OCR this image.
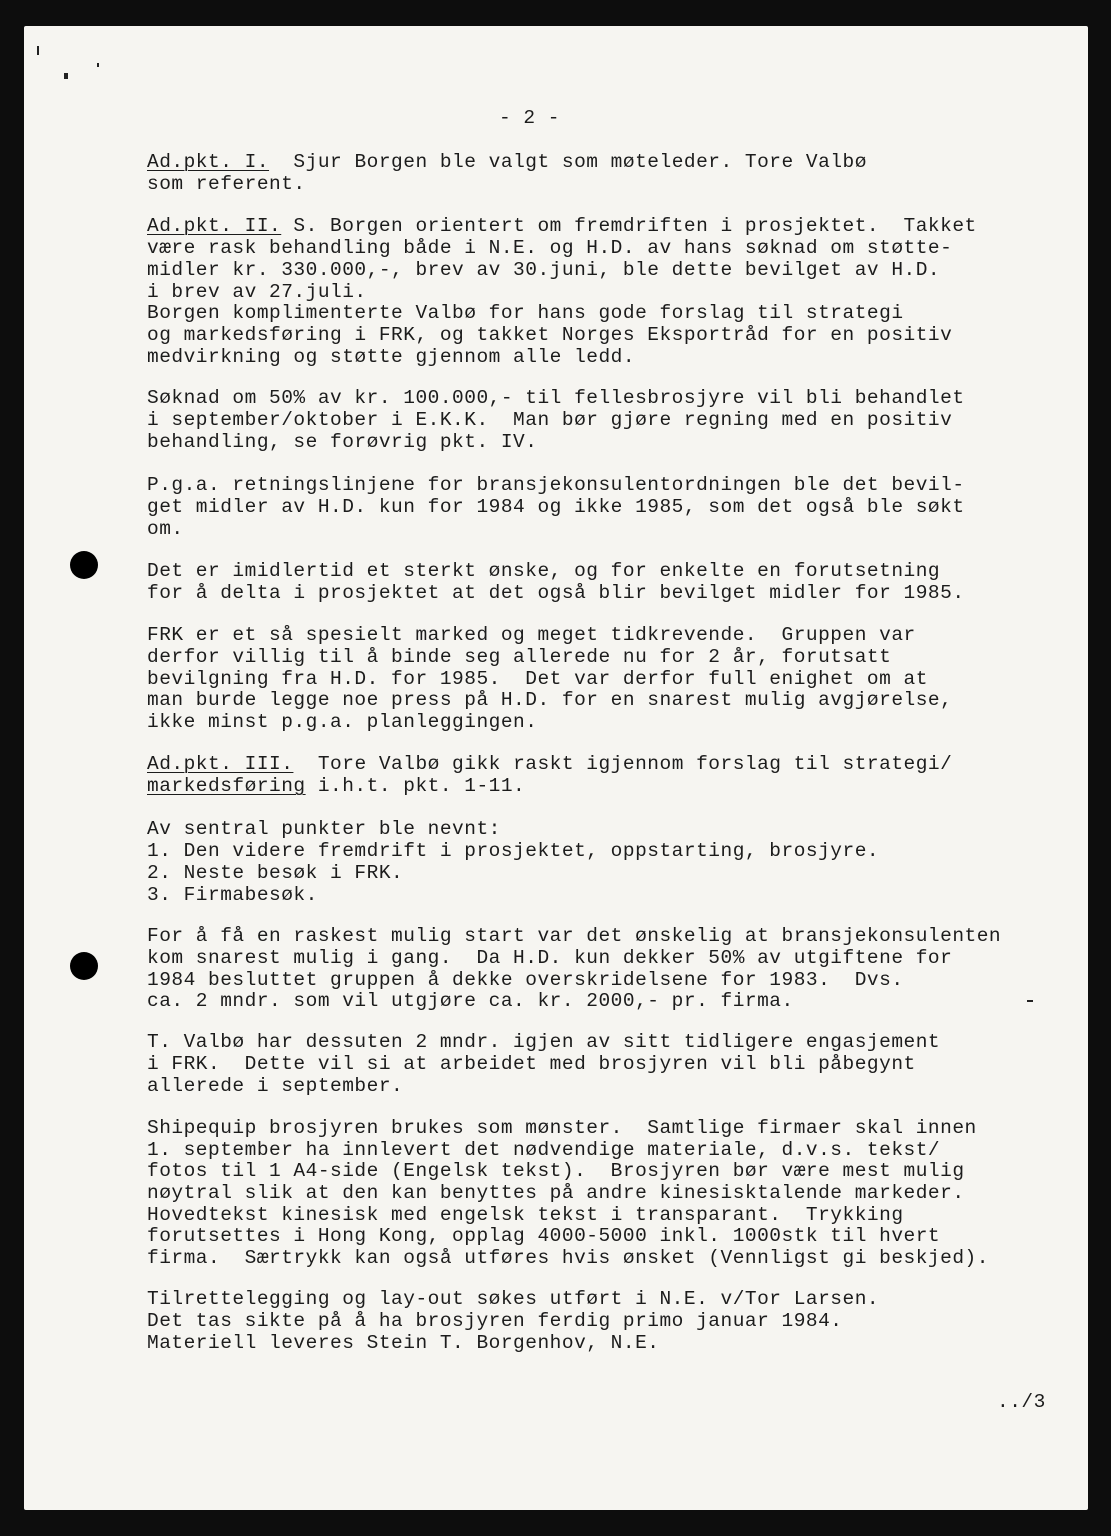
- 2 -
Ad.pkt. I.  Sjur Borgen ble valgt som møteleder. Tore Valbø
som referent.
Ad.pkt. II. S. Borgen orientert om fremdriften i prosjektet.  Takket
være rask behandling både i N.E. og H.D. av hans søknad om støtte-
midler kr. 330.000,-, brev av 30.juni, ble dette bevilget av H.D.
i brev av 27.juli.
Borgen komplimenterte Valbø for hans gode forslag til strategi
og markedsføring i FRK, og takket Norges Eksportråd for en positiv
medvirkning og støtte gjennom alle ledd.
Søknad om 50% av kr. 100.000,- til fellesbrosjyre vil bli behandlet
i september/oktober i E.K.K.  Man bør gjøre regning med en positiv
behandling, se forøvrig pkt. IV.
P.g.a. retningslinjene for bransjekonsulentordningen ble det bevil-
get midler av H.D. kun for 1984 og ikke 1985, som det også ble søkt
om.
Det er imidlertid et sterkt ønske, og for enkelte en forutsetning
for å delta i prosjektet at det også blir bevilget midler for 1985.
FRK er et så spesielt marked og meget tidkrevende.  Gruppen var
derfor villig til å binde seg allerede nu for 2 år, forutsatt
bevilgning fra H.D. for 1985.  Det var derfor full enighet om at
man burde legge noe press på H.D. for en snarest mulig avgjørelse,
ikke minst p.g.a. planleggingen.
Ad.pkt. III.  Tore Valbø gikk raskt igjennom forslag til strategi/
markedsføring i.h.t. pkt. 1-11.
Av sentral punkter ble nevnt:
1. Den videre fremdrift i prosjektet, oppstarting, brosjyre.
2. Neste besøk i FRK.
3. Firmabesøk.
For å få en raskest mulig start var det ønskelig at bransjekonsulenten
kom snarest mulig i gang.  Da H.D. kun dekker 50% av utgiftene for
1984 besluttet gruppen å dekke overskridelsene for 1983.  Dvs.
ca. 2 mndr. som vil utgjøre ca. kr. 2000,- pr. firma.
T. Valbø har dessuten 2 mndr. igjen av sitt tidligere engasjement
i FRK.  Dette vil si at arbeidet med brosjyren vil bli påbegynt
allerede i september.
Shipequip brosjyren brukes som mønster.  Samtlige firmaer skal innen
1. september ha innlevert det nødvendige materiale, d.v.s. tekst/
fotos til 1 A4-side (Engelsk tekst).  Brosjyren bør være mest mulig
nøytral slik at den kan benyttes på andre kinesisktalende markeder.
Hovedtekst kinesisk med engelsk tekst i transparant.  Trykking
forutsettes i Hong Kong, opplag 4000-5000 inkl. 1000stk til hvert
firma.  Særtrykk kan også utføres hvis ønsket (Vennligst gi beskjed).
Tilrettelegging og lay-out søkes utført i N.E. v/Tor Larsen.
Det tas sikte på å ha brosjyren ferdig primo januar 1984.
Materiell leveres Stein T. Borgenhov, N.E.
../3
